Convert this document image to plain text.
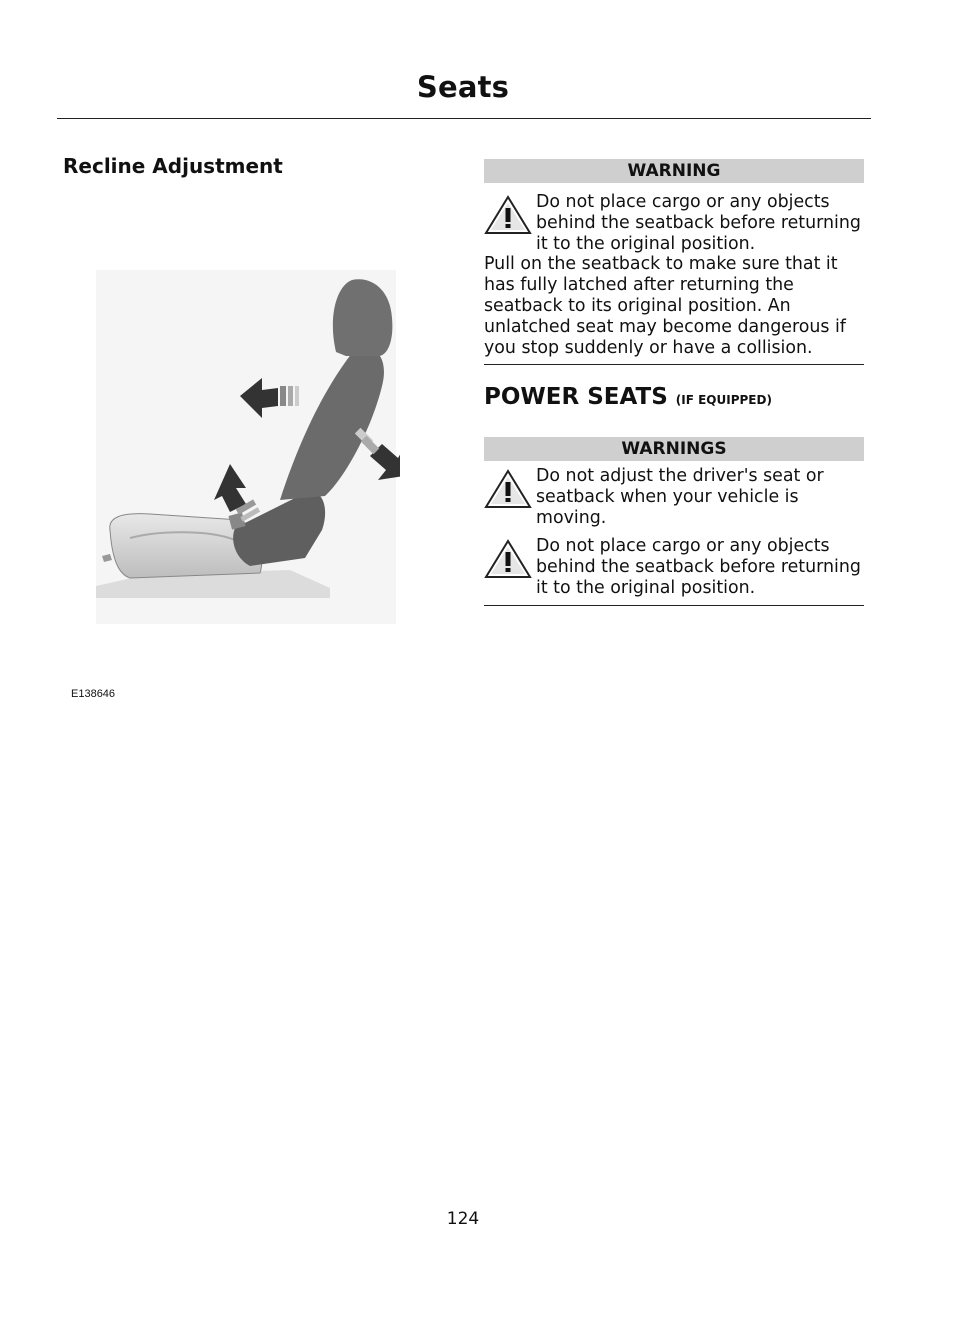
Seats
Recline Adjustment
E138646
WARNING

Do not place cargo or any objects behind the seatback before returning it to the original position.

Pull on the seatback to make sure that it has fully latched after returning the seatback to its original position. An unlatched seat may become dangerous if you stop suddenly or have a collision.

POWER SEATS (IF EQUIPPED)
WARNINGS

Do not adjust the driver's seat or seatback when your vehicle is moving.

Do not place cargo or any objects behind the seatback before returning it to the original position.

124
